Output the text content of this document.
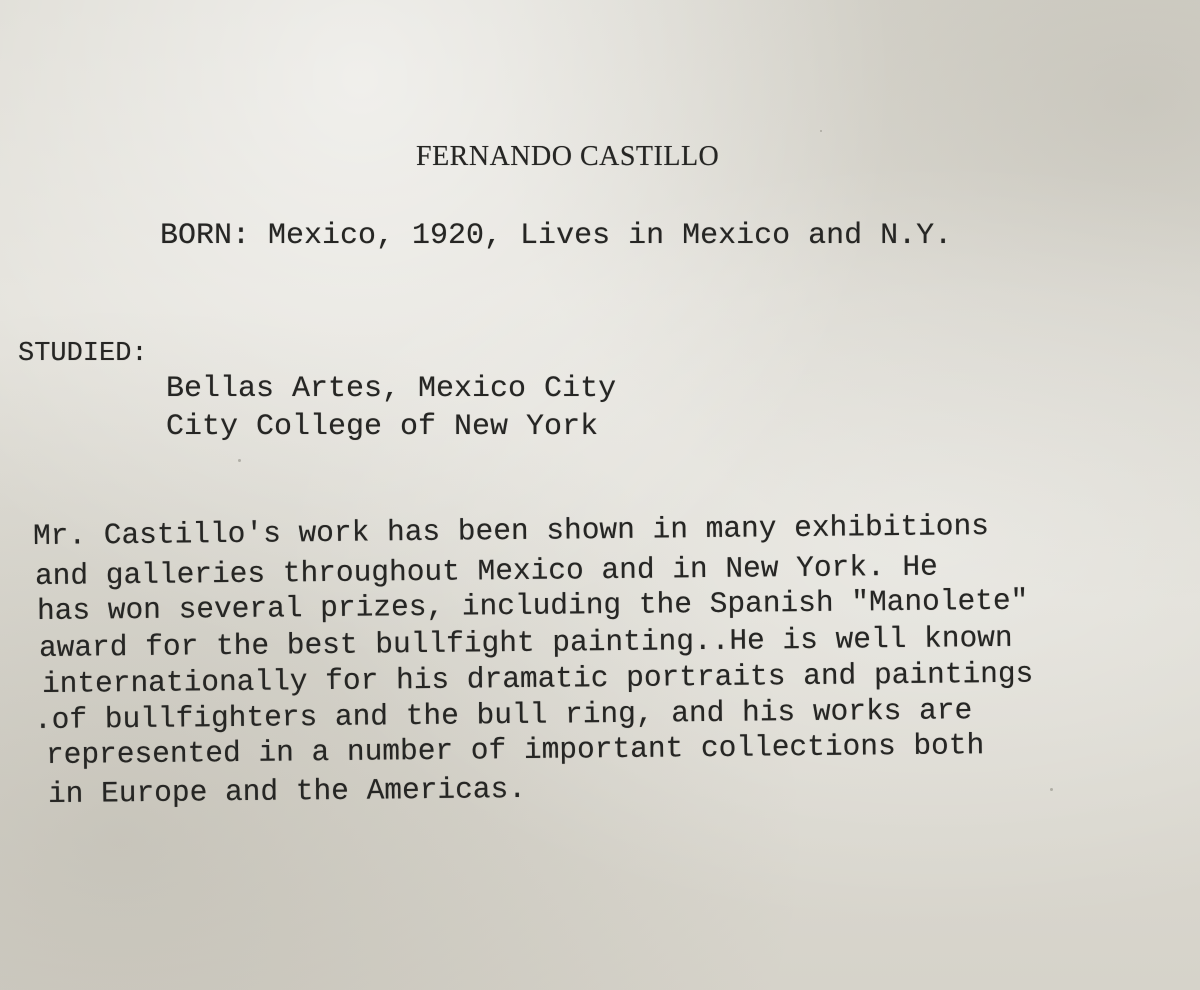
FERNANDO CASTILLO

BORN: Mexico, 1920, Lives in Mexico and N.Y.

STUDIED:

Bellas Artes, Mexico City

City College of New York

Mr. Castillo's work has been shown in many exhibitions

and galleries throughout Mexico and in New York. He

has won several prizes, including the Spanish "Manolete"

award for the best bullfight painting..He is well known

internationally for his dramatic portraits and paintings

.of bullfighters and the bull ring, and his works are

represented in a number of important collections both

in Europe and the Americas.
